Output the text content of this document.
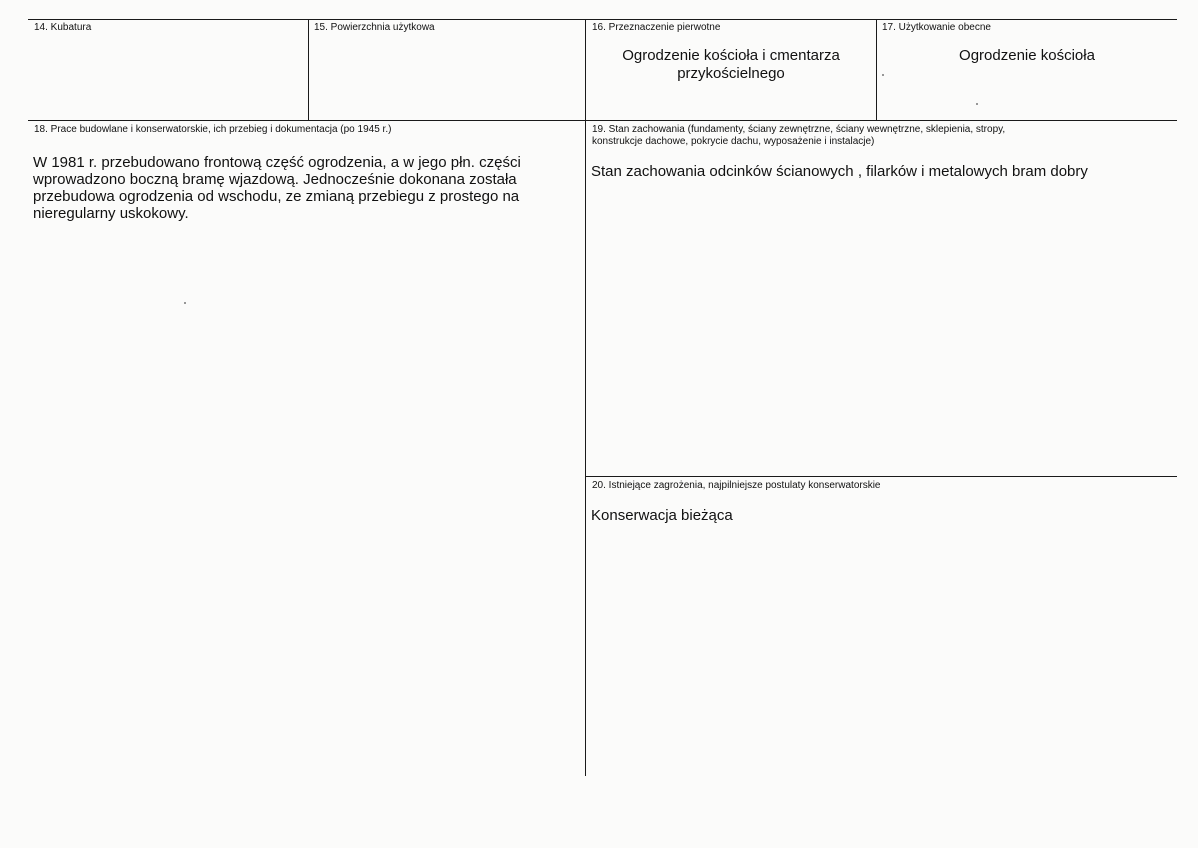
14. Kubatura	15. Powierzchnia użytkowa	16. Przeznaczenie pierwotne
Ogrodzenie kościoła i cmentarza
przykościelnego
17. Użytkowanie obecne
Ogrodzenie kościoła
18. Prace budowlane i konserwatorskie, ich przebieg i dokumentacja (po 1945 r.)
W 1981 r. przebudowano frontową część ogrodzenia, a w jego płn. części
wprowadzono boczną bramę wjazdową. Jednocześnie dokonana została
przebudowa ogrodzenia od wschodu, ze zmianą przebiegu z prostego na
nieregularny uskokowy.
19. Stan zachowania (fundamenty, ściany zewnętrzne, ściany wewnętrzne, sklepienia, stropy,
konstrukcje dachowe, pokrycie dachu, wyposażenie i instalacje)
Stan zachowania odcinków ścianowych , filarków i metalowych bram dobry
20. Istniejące zagrożenia, najpilniejsze postulaty konserwatorskie
Konserwacja bieżąca
